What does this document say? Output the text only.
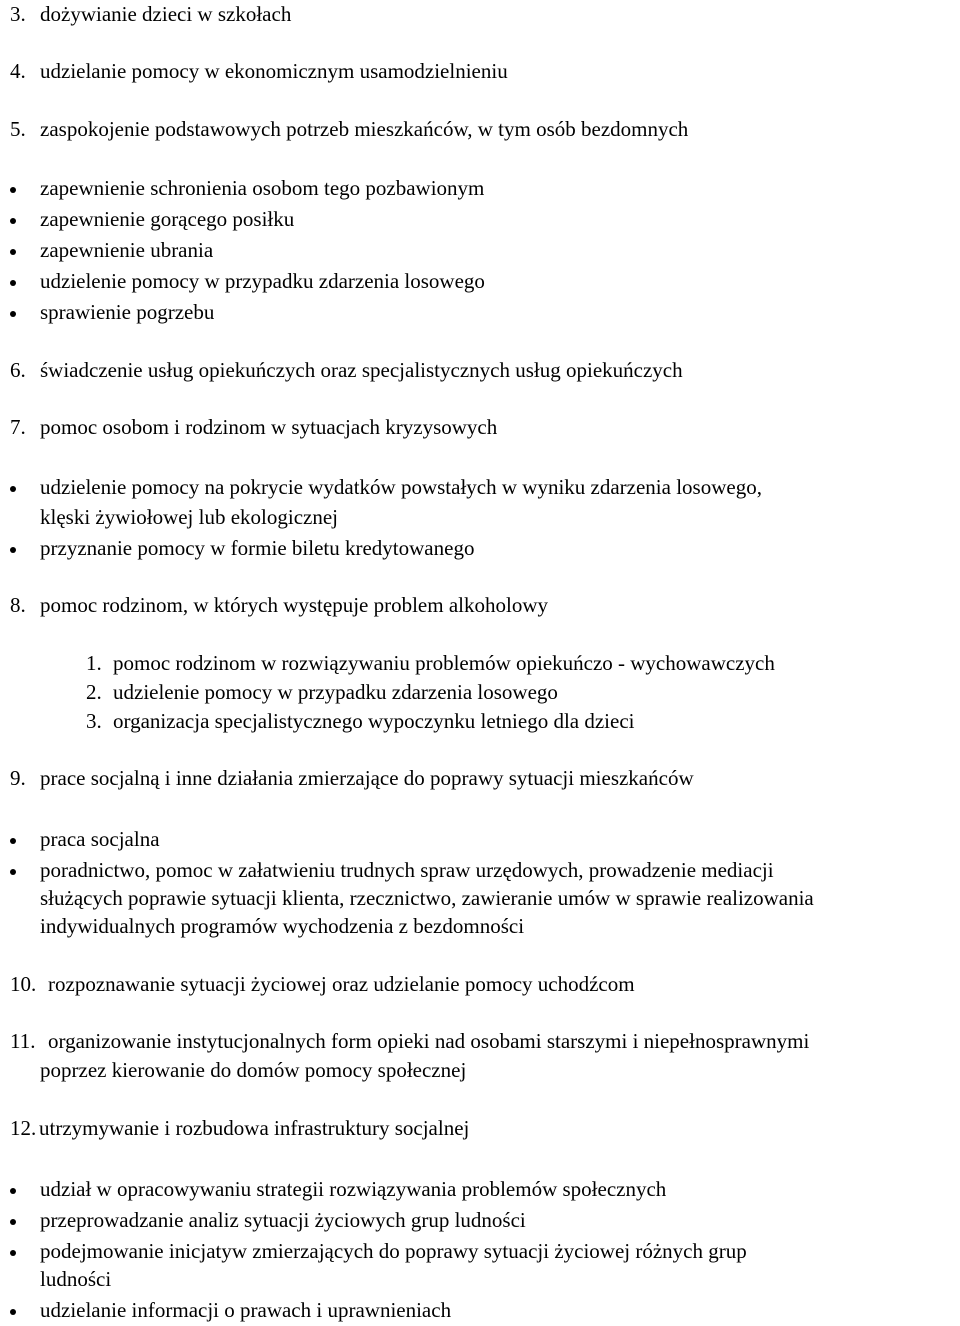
3. dożywianie dzieci w szkołach
4. udzielanie pomocy w ekonomicznym usamodzielnieniu
5. zaspokojenie podstawowych potrzeb mieszkańców, w tym osób bezdomnych
zapewnienie schronienia osobom tego pozbawionym
zapewnienie gorącego posiłku
zapewnienie ubrania
udzielenie pomocy w przypadku zdarzenia losowego
sprawienie pogrzebu
6. świadczenie usług opiekuńczych oraz specjalistycznych usług opiekuńczych
7. pomoc osobom i rodzinom w sytuacjach kryzysowych
udzielenie pomocy na pokrycie wydatków powstałych w wyniku zdarzenia losowego,
klęski żywiołowej lub ekologicznej
przyznanie pomocy w formie biletu kredytowanego
8. pomoc rodzinom, w których występuje problem alkoholowy
1. pomoc rodzinom w rozwiązywaniu problemów opiekuńczo - wychowawczych
2. udzielenie pomocy w przypadku zdarzenia losowego
3. organizacja specjalistycznego wypoczynku letniego dla dzieci
9. prace socjalną i inne działania zmierzające do poprawy sytuacji mieszkańców
praca socjalna
poradnictwo, pomoc w załatwieniu trudnych spraw urzędowych, prowadzenie mediacji
służących poprawie sytuacji klienta, rzecznictwo, zawieranie umów w sprawie realizowania
indywidualnych programów wychodzenia z bezdomności
10. rozpoznawanie sytuacji życiowej oraz udzielanie pomocy uchodźcom
11. organizowanie instytucjonalnych form opieki nad osobami starszymi i niepełnosprawnymi
poprzez kierowanie do domów pomocy społecznej
12. utrzymywanie i rozbudowa infrastruktury socjalnej
udział w opracowywaniu strategii rozwiązywania problemów społecznych
przeprowadzanie analiz sytuacji życiowych grup ludności
podejmowanie inicjatyw zmierzających do poprawy sytuacji życiowej różnych grup
ludności
udzielanie informacji o prawach i uprawnieniach
